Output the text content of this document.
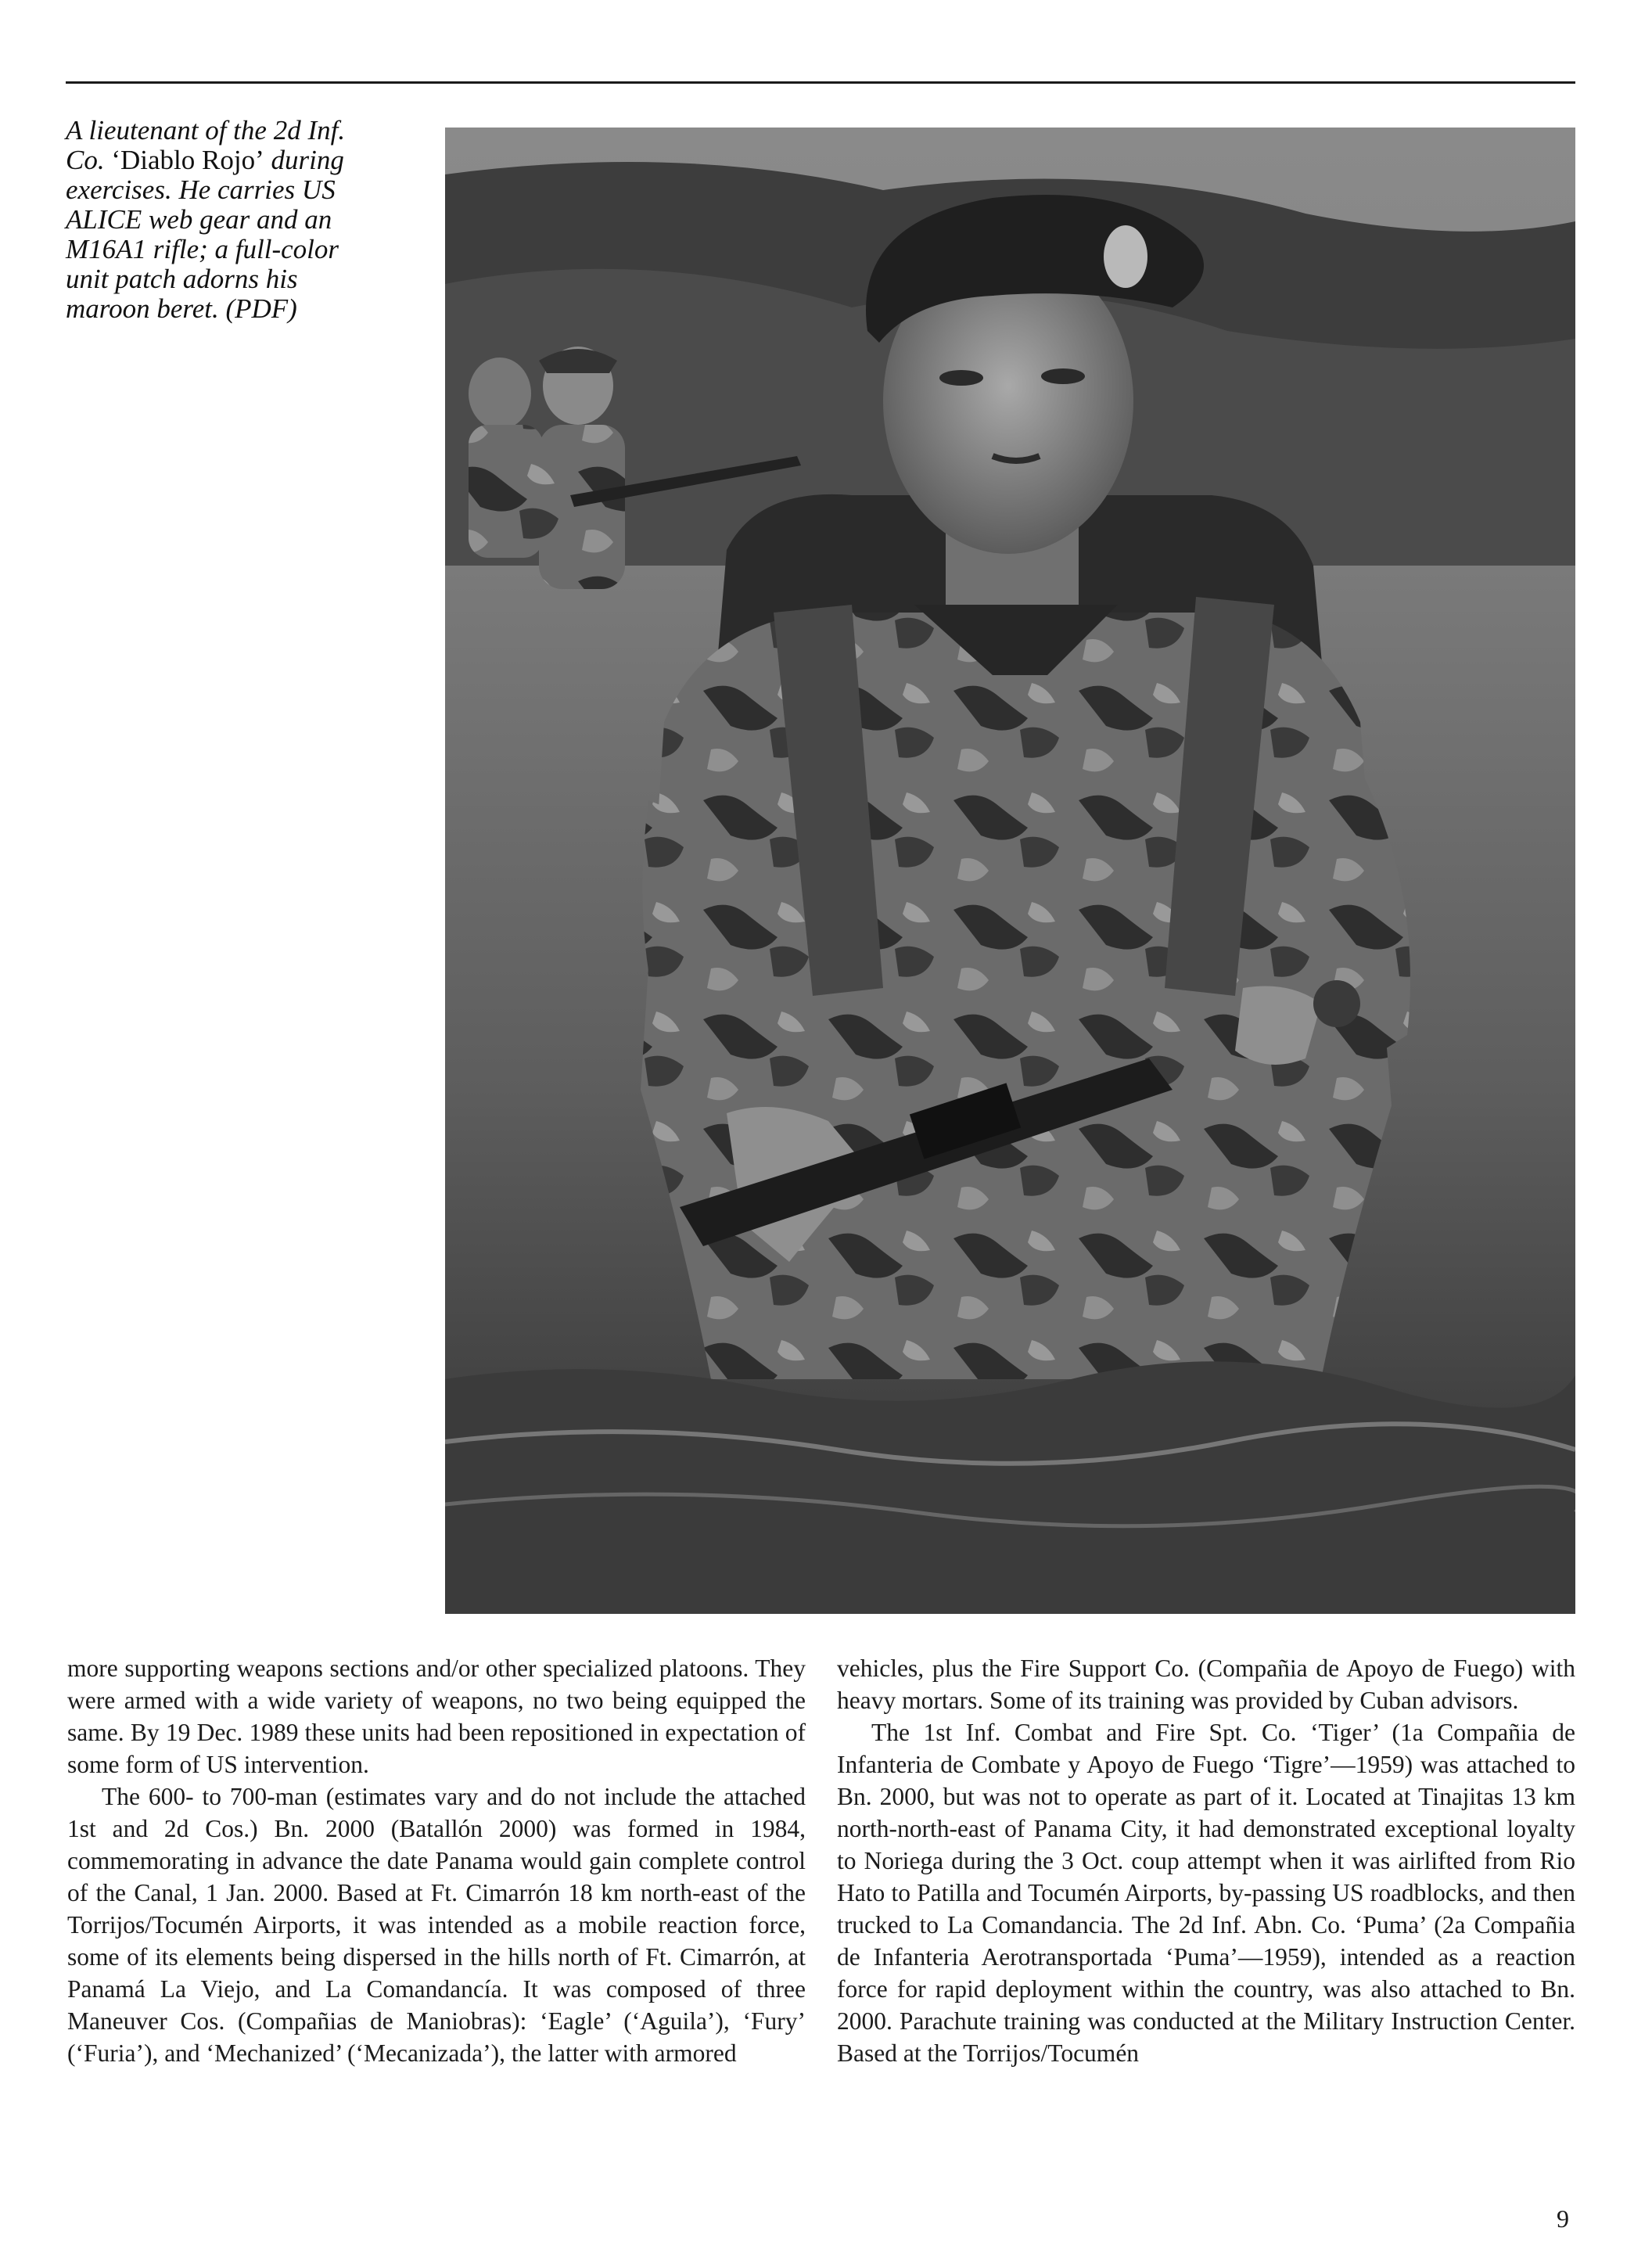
A lieutenant of the 2d Inf. Co. ‘Diablo Rojo’ during exercises. He carries US ALICE web gear and an M16A1 rifle; a full-color unit patch adorns his maroon beret. (PDF)

more supporting weapons sections and/or other specialized platoons. They were armed with a wide variety of weapons, no two being equipped the same. By 19 Dec. 1989 these units had been repositioned in expectation of some form of US intervention.

The 600- to 700-man (estimates vary and do not include the attached 1st and 2d Cos.) Bn. 2000 (Batallón 2000) was formed in 1984, commemorating in advance the date Panama would gain complete control of the Canal, 1 Jan. 2000. Based at Ft. Cimarrón 18 km north-east of the Torrijos/Tocumén Airports, it was intended as a mobile reaction force, some of its elements being dispersed in the hills north of Ft. Cimarrón, at Panamá La Viejo, and La Comandancía. It was composed of three Maneuver Cos. (Compañias de Maniobras): ‘Eagle’ (‘Aguila’), ‘Fury’ (‘Furia’), and ‘Mechanized’ (‘Mecanizada’), the latter with armored

vehicles, plus the Fire Support Co. (Compañia de Apoyo de Fuego) with heavy mortars. Some of its training was provided by Cuban advisors.

The 1st Inf. Combat and Fire Spt. Co. ‘Tiger’ (1a Compañia de Infanteria de Combate y Apoyo de Fuego ‘Tigre’—1959) was attached to Bn. 2000, but was not to operate as part of it. Located at Tinajitas 13 km north-north-east of Panama City, it had demonstrated exceptional loyalty to Noriega during the 3 Oct. coup attempt when it was airlifted from Rio Hato to Patilla and Tocumén Airports, by-passing US roadblocks, and then trucked to La Comandancia. The 2d Inf. Abn. Co. ‘Puma’ (2a Compañia de Infanteria Aerotransportada ‘Puma’—1959), intended as a reaction force for rapid deployment within the country, was also attached to Bn. 2000. Parachute training was conducted at the Military Instruction Center. Based at the Torrijos/Tocumén

9
